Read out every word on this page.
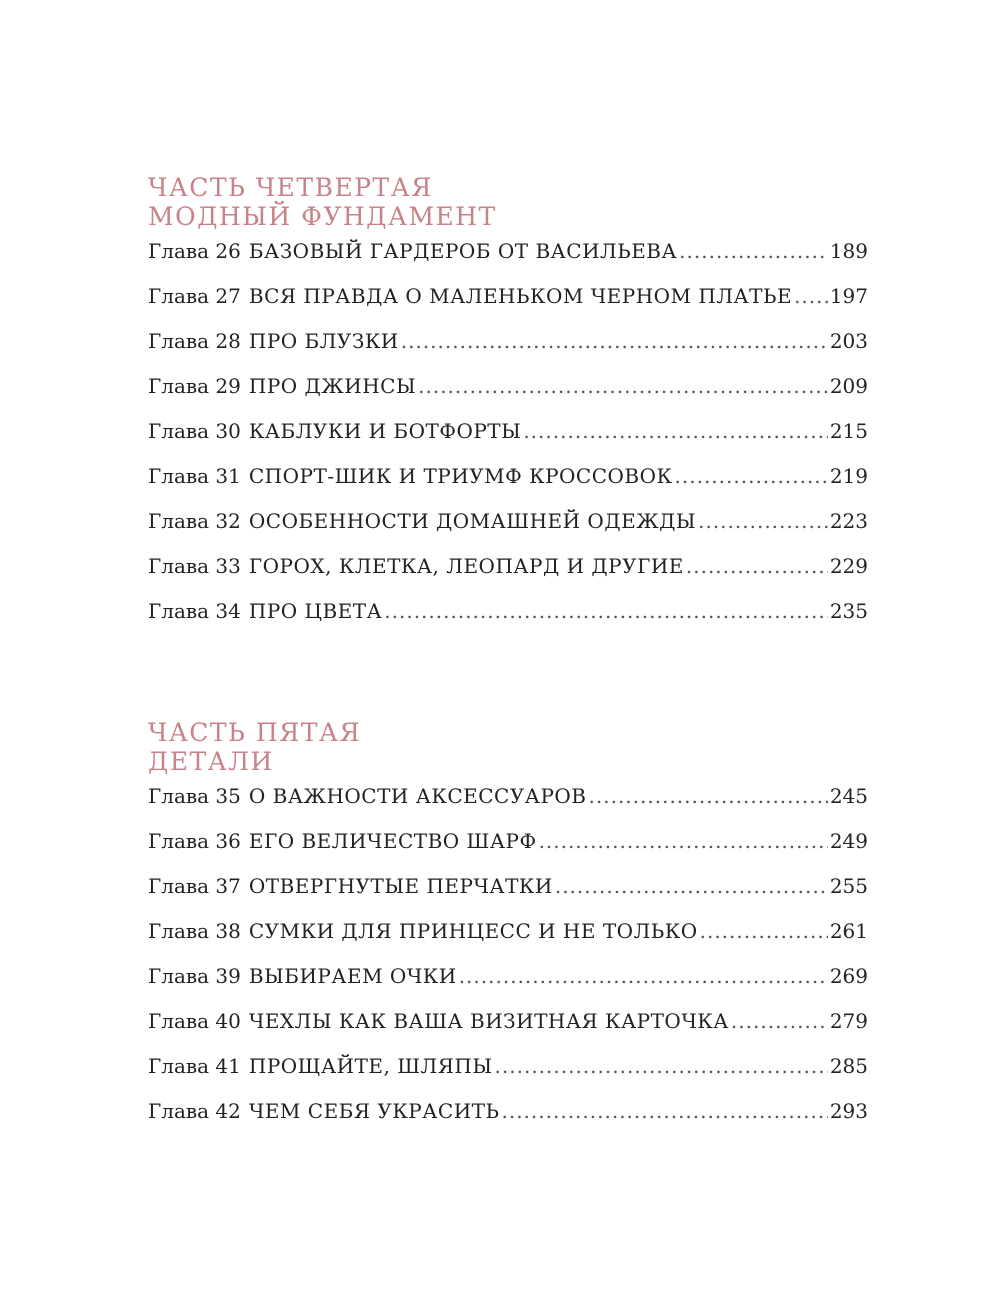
ЧАСТЬ ЧЕТВЕРТАЯ
МОДНЫЙ ФУНДАМЕНТ
Глава 26 БАЗОВЫЙ ГАРДЕРОБ ОТ ВАСИЛЬЕВА .....	189
Глава 27 ВСЯ ПРАВДА О МАЛЕНЬКОМ ЧЕРНОМ ПЛАТЬЕ ..... 197
Глава 28 ПРО БЛУЗКИ .....	203
Глава 29 ПРО ДЖИНСЫ .....	209
Глава 30 КАБЛУКИ И БОТФОРТЫ .....	215
Глава 31 СПОРТ-ШИК И ТРИУМФ КРОССОВОК .....	219
Глава 32 ОСОБЕННОСТИ ДОМАШНЕЙ ОДЕЖДЫ .....	223
Глава 33 ГОРОХ, КЛЕТКА, ЛЕОПАРД И ДРУГИЕ .....	229
Глава 34 ПРО ЦВЕТА .....	235
ЧАСТЬ ПЯТАЯ
ДЕТАЛИ
Глава 35 О ВАЖНОСТИ АКСЕССУАРОВ .....	245
Глава 36 ЕГО ВЕЛИЧЕСТВО ШАРФ .....	249
Глава 37 ОТВЕРГНУТЫЕ ПЕРЧАТКИ .....	255
Глава 38 СУМКИ ДЛЯ ПРИНЦЕСС И НЕ ТОЛЬКО .....	261
Глава 39 ВЫБИРАЕМ ОЧКИ .....	269
Глава 40 ЧЕХЛЫ КАК ВАША ВИЗИТНАЯ КАРТОЧКА .....	279
Глава 41 ПРОЩАЙТЕ, ШЛЯПЫ .....	285
Глава 42 ЧЕМ СЕБЯ УКРАСИТЬ .....	293
